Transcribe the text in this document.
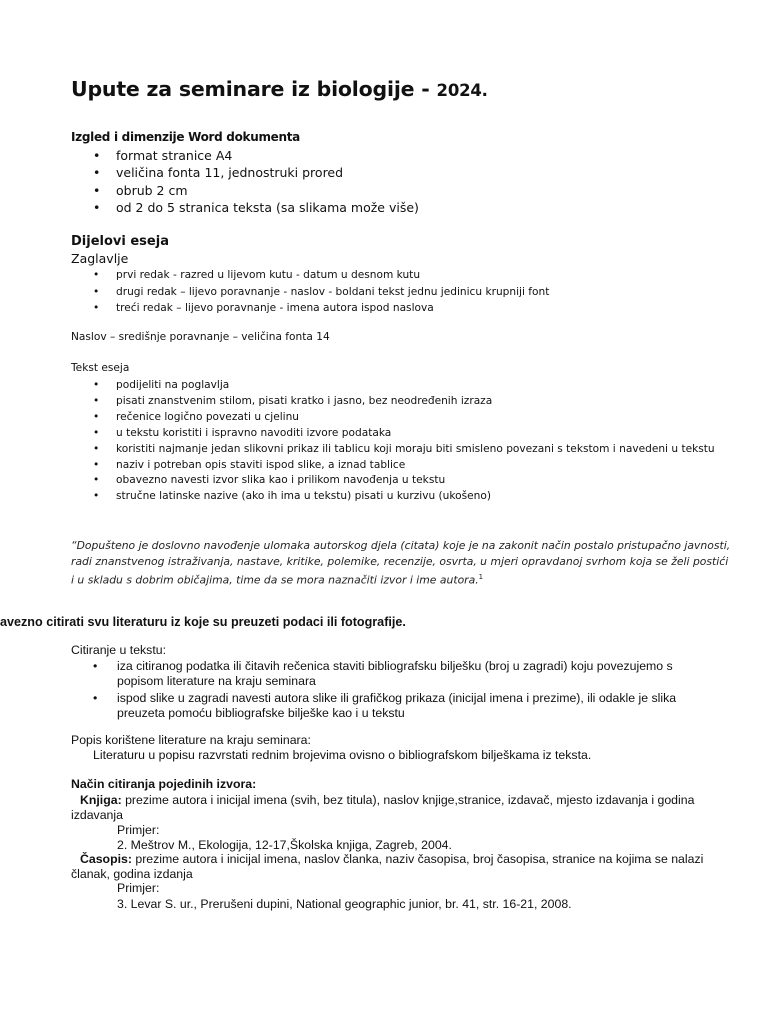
Upute za seminare iz biologije - 2024.
Izgled i dimenzije Word dokumenta
• format stranice A4
• veličina fonta 11, jednostruki prored
• obrub 2 cm
• od 2 do 5 stranica teksta (sa slikama može više)
Dijelovi eseja
Zaglavlje
• prvi redak - razred u lijevom kutu - datum u desnom kutu
• drugi redak – lijevo poravnanje - naslov - boldani tekst jednu jedinicu krupniji font
• treći redak – lijevo poravnanje - imena autora ispod naslova
Naslov – središnje poravnanje – veličina fonta 14
Tekst eseja
• podijeliti na poglavlja
• pisati znanstvenim stilom, pisati kratko i jasno, bez neodređenih izraza
• rečenice logično povezati u cjelinu
• u tekstu koristiti i ispravno navoditi izvore podataka
• koristiti najmanje jedan slikovni prikaz ili tablicu koji moraju biti smisleno povezani s tekstom i navedeni u tekstu
• naziv i potreban opis staviti ispod slike, a iznad tablice
• obavezno navesti izvor slika kao i prilikom navođenja u tekstu
• stručne latinske nazive (ako ih ima u tekstu) pisati u kurzivu (ukošeno)
“Dopušteno je doslovno navođenje ulomaka autorskog djela (citata) koje je na zakonit način postalo pristupačno javnosti, radi znanstvenog istraživanja, nastave, kritike, polemike, recenzije, osvrta, u mjeri opravdanoj svrhom koja se želi postići i u skladu s dobrim običajima, time da se mora naznačiti izvor i ime autora.$^1$
avezno citirati svu literaturu iz koje su preuzeti podaci ili fotografije.
Citiranje u tekstu:
• iza citiranog podatka ili čitavih rečenica staviti bibliografsku bilješku (broj u zagradi) koju povezujemo s popisom literature na kraju seminara
• ispod slike u zagradi navesti autora slike ili grafičkog prikaza (inicijal imena i prezime), ili odakle je slika preuzeta pomoću bibliografske bilješke kao i u tekstu
Popis korištene literature na kraju seminara:
Literaturu u popisu razvrstati rednim brojevima ovisno o bibliografskom bilješkama iz teksta.
Način citiranja pojedinih izvora:
Knjiga: prezime autora i inicijal imena (svih, bez titula), naslov knjige,stranice, izdavač, mjesto izdavanja i godina izdavanja
Primjer:
2. Meštrov M., Ekologija, 12-17,Školska knjiga, Zagreb, 2004.
Časopis: prezime autora i inicijal imena, naslov članka, naziv časopisa, broj časopisa, stranice na kojima se nalazi članak, godina izdanja
Primjer:
3. Levar S. ur., Prerušeni dupini, National geographic junior, br. 41, str. 16-21, 2008.
